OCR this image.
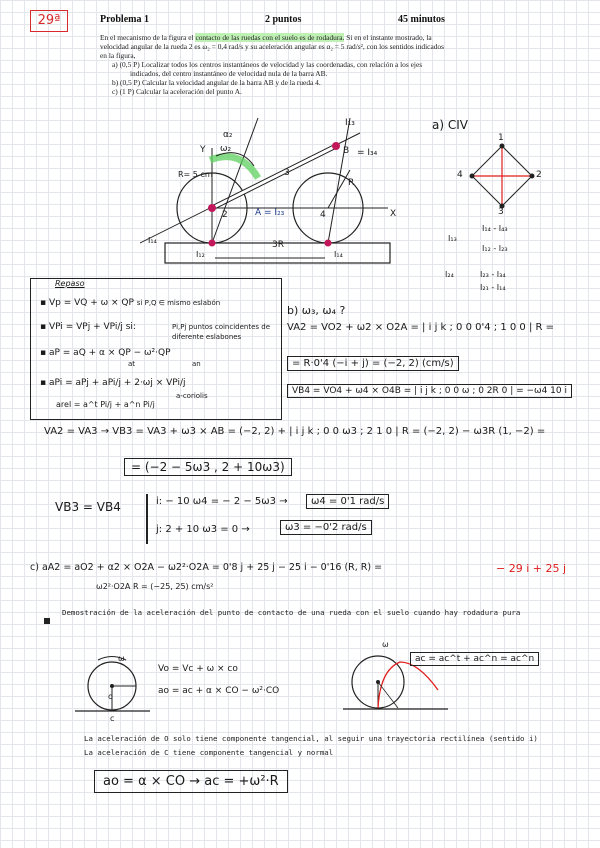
29ª	Problema 1	2 puntos	45 minutos
En el mecanismo de la figura el contacto de las ruedas con el suelo es de rodadura. Si en el instante mostrado, la
velocidad angular de la rueda 2 es ω₂ = 0,4 rad/s y su aceleración angular es α₂ = 5 rad/s², con los sentidos indicados
en la figura,
a) (0,5 P) Localizar todos los centros instantáneos de velocidad y las coordenadas, con relación a los ejes
indicados, del centro instantáneo de velocidad nula de la barra AB.
b) (0,5 P) Calcular la velocidad angular de la barra AB y de la rueda 4.
c) (1 P) Calcular la aceleración del punto A.
α₂
ω₂
Y
X
R= 5 cm
R
A = I₂₃
B
2
3
4
3R
I₁₃
= I₃₄
I₁₄
I₁₂	I₁₄
a) CIV
1
2
3
4
I₁₄ - I₄₃
I₁₃
I₁₂ - I₂₃
I₂₄	I₂₃ - I₃₄
I₂₁ - I₁₄
Repaso
▪ Vp = VQ + ω × QP si P,Q ∈ mismo eslabón
▪ VPi = VPj + VPi/j si:	Pi,Pj puntos coincidentes de diferente eslabones
▪ aP = aQ + α × QP − ω²·QP
at	an
▪ aPi = aPj + aPi/j + 2·ωj × VPi/j
a-coriolis
arel = a^t Pi/j + a^n Pi/j
b) ω₃, ω₄ ?
VA2 = VO2 + ω2 × O2A = | i j k ; 0 0 0'4 ; 1 0 0 | R =
= R·0'4 (−i + j) = (−2, 2) (cm/s)
VB4 = VO4 + ω4 × O4B = | i j k ; 0 0 ω ; 0 2R 0 | = −ω4 10 i
VA2 = VA3 → VB3 = VA3 + ω3 × AB = (−2, 2) + | i j k ; 0 0 ω3 ; 2 1 0 | R = (−2, 2) − ω3R (1, −2) =
= (−2 − 5ω3 , 2 + 10ω3)
VB3 = VB4	i: − 10 ω4 = − 2 − 5ω3 →	ω4 = 0'1 rad/s
j: 2 + 10 ω3 = 0 →	ω3 = −0'2 rad/s
c) aA2 = aO2 + α2 × O2A − ω2²·O2A = 0'8 j + 25 j − 25 i − 0'16 (R, R) =	− 29 i + 25 j
ω2²·O2A R = (−25, 25) cm/s²
Demostración de la aceleración del punto de contacto de una rueda con el suelo cuando hay rodadura pura
ω
o
c
Vo = Vc + ω × co
ao = ac + α × CO − ω²·CO
ω
ac = ac^t + ac^n = ac^n
La aceleración de O solo tiene componente tangencial, al seguir una trayectoria rectilínea (sentido i)
La aceleración de C tiene componente tangencial y normal
ao = α × CO → ac = +ω²·R
